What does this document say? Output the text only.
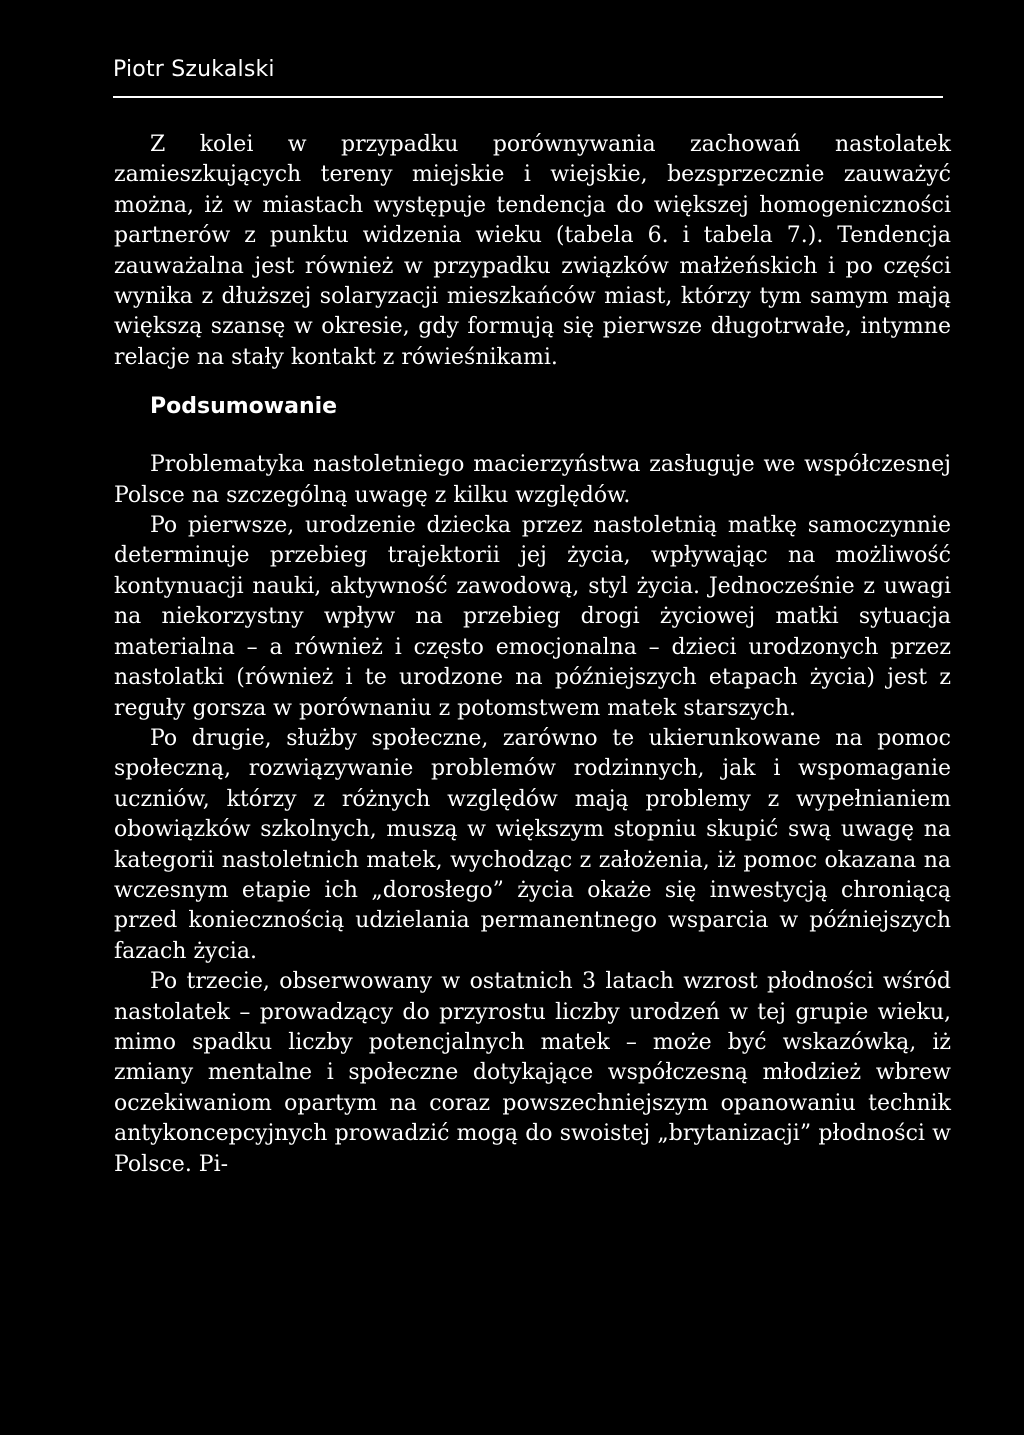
Piotr Szukalski

Z kolei w przypadku porównywania zachowań nastolatek zamieszkujących tereny miejskie i wiejskie, bezsprzecznie zauważyć można, iż w miastach występuje tendencja do większej homogeniczności partnerów z punktu widzenia wieku (tabela 6. i tabela 7.). Tendencja zauważalna jest również w przypadku związków małżeńskich i po części wynika z dłuższej solaryzacji mieszkańców miast, którzy tym samym mają większą szansę w okresie, gdy formują się pierwsze długotrwałe, intymne relacje na stały kontakt z rówieśnikami.

Podsumowanie

Problematyka nastoletniego macierzyństwa zasługuje we współczesnej Polsce na szczególną uwagę z kilku względów.

Po pierwsze, urodzenie dziecka przez nastoletnią matkę samoczynnie determinuje przebieg trajektorii jej życia, wpływając na możliwość kontynuacji nauki, aktywność zawodową, styl życia. Jednocześnie z uwagi na niekorzystny wpływ na przebieg drogi życiowej matki sytuacja materialna – a również i często emocjonalna – dzieci urodzonych przez nastolatki (również i te urodzone na późniejszych etapach życia) jest z reguły gorsza w porównaniu z potomstwem matek starszych.

Po drugie, służby społeczne, zarówno te ukierunkowane na pomoc społeczną, rozwiązywanie problemów rodzinnych, jak i wspomaganie uczniów, którzy z różnych względów mają problemy z wypełnianiem obowiązków szkolnych, muszą w większym stopniu skupić swą uwagę na kategorii nastoletnich matek, wychodząc z założenia, iż pomoc okazana na wczesnym etapie ich „dorosłego” życia okaże się inwestycją chroniącą przed koniecznością udzielania permanentnego wsparcia w późniejszych fazach życia.

Po trzecie, obserwowany w ostatnich 3 latach wzrost płodności wśród nastolatek – prowadzący do przyrostu liczby urodzeń w tej grupie wieku, mimo spadku liczby potencjalnych matek – może być wskazówką, iż zmiany mentalne i społeczne dotykające współczesną młodzież wbrew oczekiwaniom opartym na coraz powszechniejszym opanowaniu technik antykoncepcyjnych prowadzić mogą do swoistej „brytanizacji” płodności w Polsce. Pi-
